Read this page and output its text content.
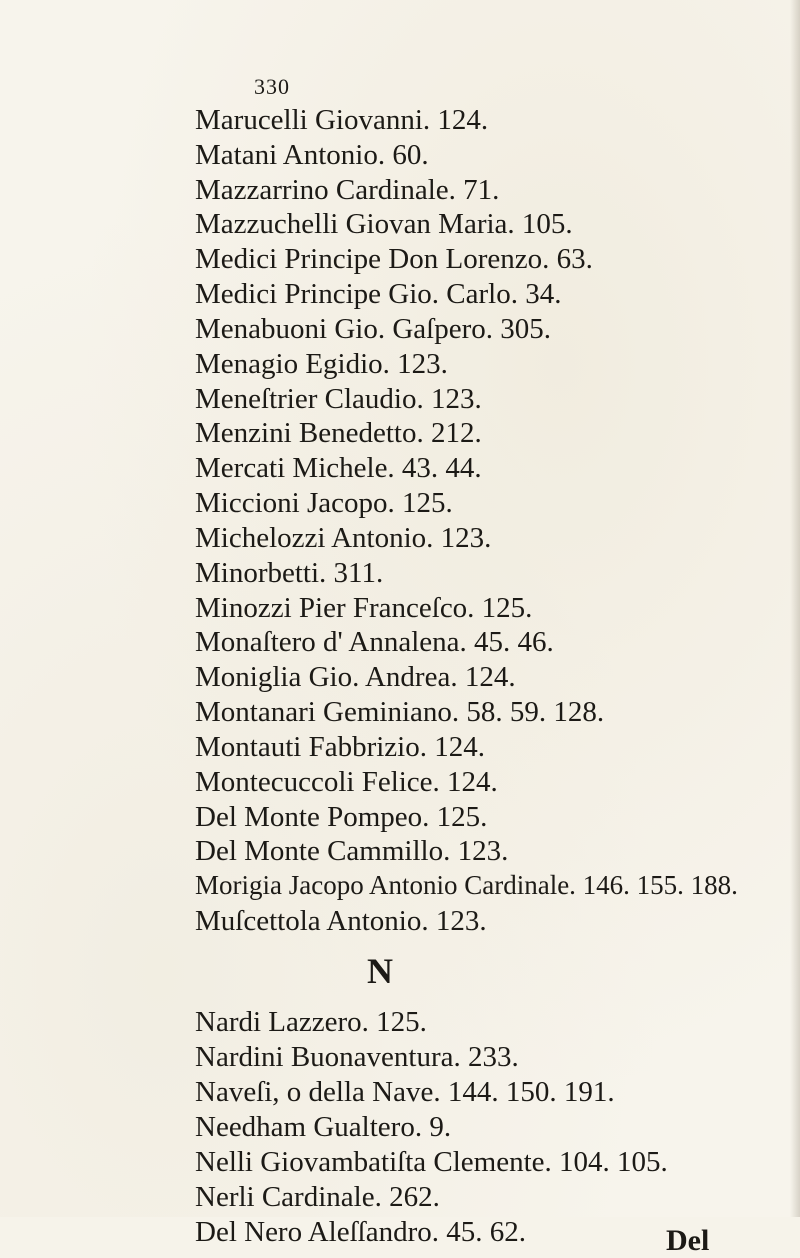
330
Marucelli Giovanni. 124.
Matani Antonio. 60.
Mazzarrino Cardinale. 71.
Mazzuchelli Giovan Maria. 105.
Medici Principe Don Lorenzo. 63.
Medici Principe Gio. Carlo. 34.
Menabuoni Gio. Gaſpero. 305.
Menagio Egidio. 123.
Meneſtrier Claudio. 123.
Menzini Benedetto. 212.
Mercati Michele. 43. 44.
Miccioni Jacopo. 125.
Michelozzi Antonio. 123.
Minorbetti. 311.
Minozzi Pier Franceſco. 125.
Monaſtero d' Annalena. 45. 46.
Moniglia Gio. Andrea. 124.
Montanari Geminiano. 58. 59. 128.
Montauti Fabbrizio. 124.
Montecuccoli Felice. 124.
Del Monte Pompeo. 125.
Del Monte Cammillo. 123.
Morigia Jacopo Antonio Cardinale. 146. 155. 188.
Muſcettola Antonio. 123.
N
Nardi Lazzero. 125.
Nardini Buonaventura. 233.
Naveſi, o della Nave. 144. 150. 191.
Needham Gualtero. 9.
Nelli Giovambatiſta Clemente. 104. 105.
Nerli Cardinale. 262.
Del Nero Aleſſandro. 45. 62.	Del
